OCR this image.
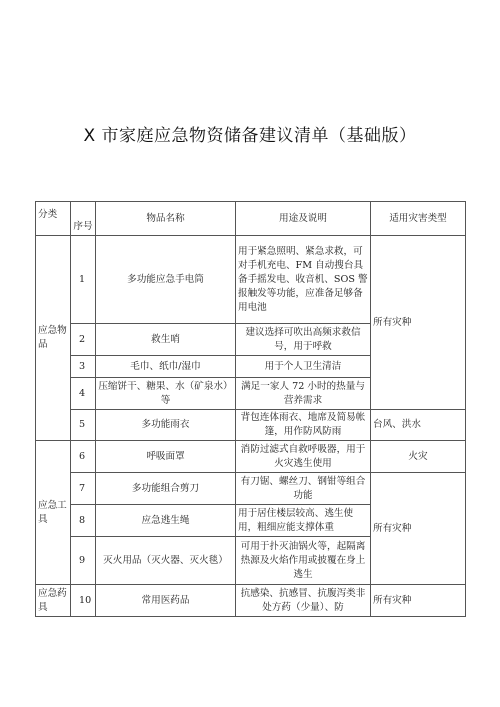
X 市家庭应急物资储备建议清单（基础版）
分类	序号	物品名称	用途及说明	适用灾害类型
应急物品	1	多功能应急手电筒	用于紧急照明、紧急求救，可对手机充电、FM 自动搜台具备手摇发电、收音机、SOS 警报触发等功能，应准备足够备用电池	所有灾种
	2	救生哨	建议选择可吹出高频求救信号，用于呼救	
	3	毛巾、纸巾/湿巾	用于个人卫生清洁	
	4	压缩饼干、糖果、水（矿泉水）等	满足一家人 72 小时的热量与营养需求	
	5	多功能雨衣	背包连体雨衣、地席及简易帐篷，用作防风防雨	台风、洪水
应急工具	6	呼吸面罩	消防过滤式自救呼吸器，用于火灾逃生使用	火灾
	7	多功能组合剪刀	有刀锯、螺丝刀、钢钳等组合功能	所有灾种
	8	应急逃生绳	用于居住楼层较高、逃生使用，粗细应能支撑体重	
	9	灭火用品（灭火器、灭火毯）	可用于扑灭油锅火等，起隔离热源及火焰作用或披覆在身上逃生	
应急药具	10	常用医药品	抗感染、抗感冒、抗腹泻类非处方药（少量）、防	所有灾种
